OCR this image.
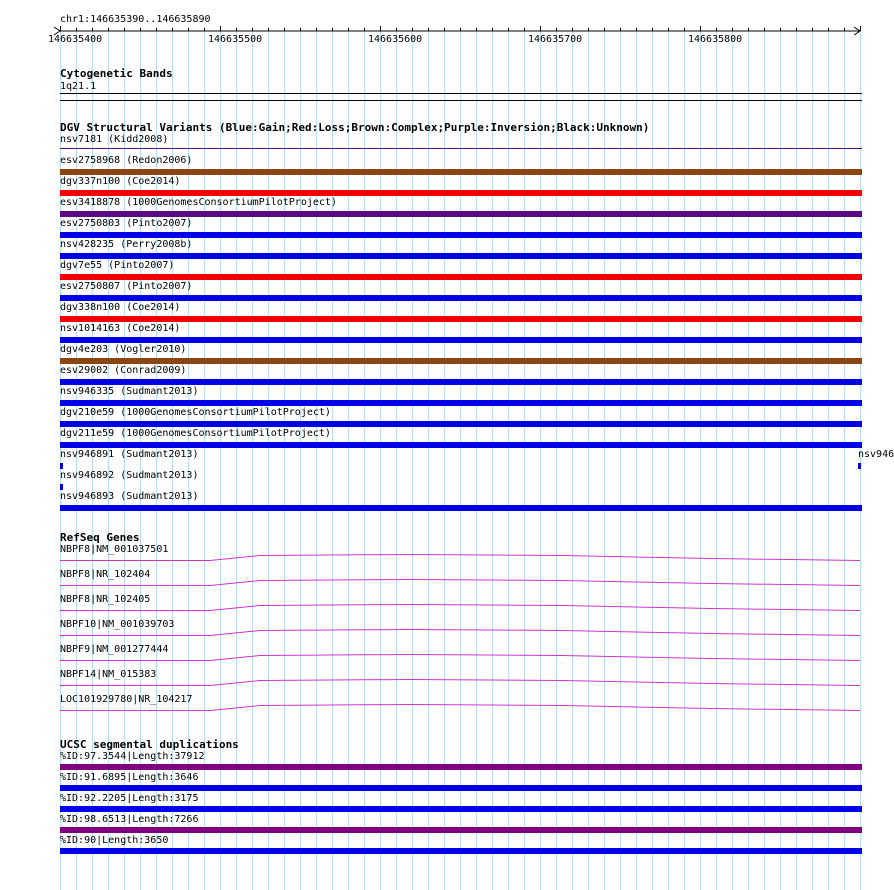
chr1:146635390..146635890
146635400	146635500	146635600	146635700	146635800
Cytogenetic Bands
1q21.1
DGV Structural Variants (Blue:Gain;Red:Loss;Brown:Complex;Purple:Inversion;Black:Unknown)
nsv7181 (Kidd2008)
esv2758968 (Redon2006)
dgv337n100 (Coe2014)
esv3418878 (1000GenomesConsortiumPilotProject)
esv2750803 (Pinto2007)
nsv428235 (Perry2008b)
dgv7e55 (Pinto2007)
esv2750807 (Pinto2007)
dgv338n100 (Coe2014)
nsv1014163 (Coe2014)
dgv4e203 (Vogler2010)
esv29002 (Conrad2009)
nsv946335 (Sudmant2013)
dgv210e59 (1000GenomesConsortiumPilotProject)
dgv211e59 (1000GenomesConsortiumPilotProject)
nsv946891 (Sudmant2013)
nsv946892 (Sudmant2013)
nsv946893 (Sudmant2013)
nsv946
RefSeq Genes
NBPF8|NM_001037501
NBPF8|NR_102404
NBPF8|NR_102405
NBPF10|NM_001039703
NBPF9|NM_001277444
NBPF14|NM_015383
LOC101929780|NR_104217
UCSC segmental duplications
%ID:97.3544|Length:37912
%ID:91.6895|Length:3646
%ID:92.2205|Length:3175
%ID:98.6513|Length:7266
%ID:90|Length:3650
